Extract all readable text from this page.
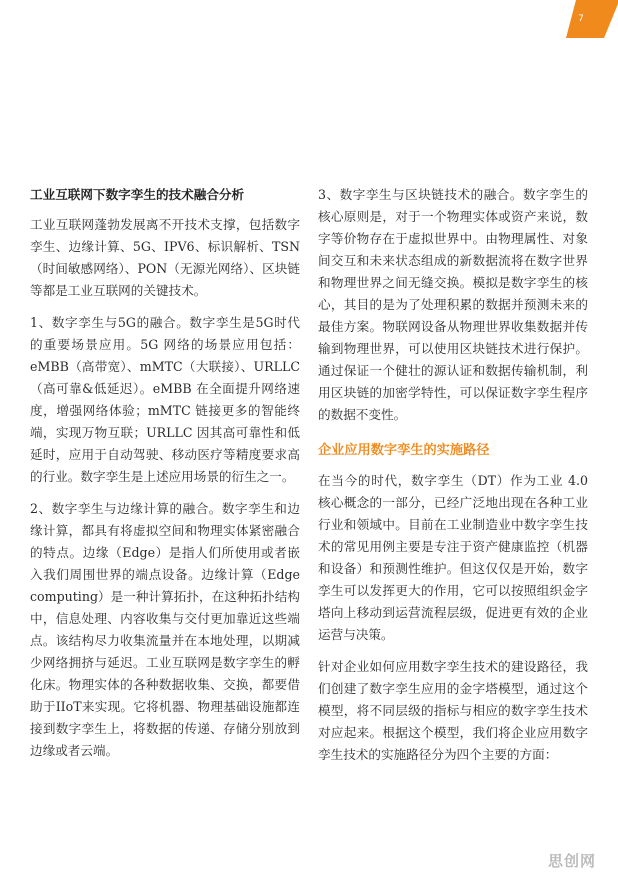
7
工业互联网下数字孪生的技术融合分析

工业互联网蓬勃发展离不开技术支撑，包括数字孪生、边缘计算、5G、IPV6、标识解析、TSN（时间敏感网络）、PON（无源光网络）、区块链等都是工业互联网的关键技术。

1、数字孪生与5G的融合。数字孪生是5G时代的重要场景应用。5G 网络的场景应用包括：eMBB（高带宽）、mMTC（大联接）、URLLC（高可靠&低延迟）。eMBB 在全面提升网络速度，增强网络体验；mMTC 链接更多的智能终端，实现万物互联；URLLC 因其高可靠性和低延时，应用于自动驾驶、移动医疗等精度要求高的行业。数字孪生是上述应用场景的衍生之一。

2、数字孪生与边缘计算的融合。数字孪生和边缘计算，都具有将虚拟空间和物理实体紧密融合的特点。边缘（Edge）是指人们所使用或者嵌入我们周围世界的端点设备。边缘计算（Edge computing）是一种计算拓扑，在这种拓扑结构中，信息处理、内容收集与交付更加靠近这些端点。该结构尽力收集流量并在本地处理，以期减少网络拥挤与延迟。工业互联网是数字孪生的孵化床。物理实体的各种数据收集、交换，都要借助于IIoT来实现。它将机器、物理基础设施都连接到数字孪生上，将数据的传递、存储分别放到边缘或者云端。

3、数字孪生与区块链技术的融合。数字孪生的核心原则是，对于一个物理实体或资产来说，数字等价物存在于虚拟世界中。由物理属性、对象间交互和未来状态组成的新数据流将在数字世界和物理世界之间无缝交换。模拟是数字孪生的核心，其目的是为了处理积累的数据并预测未来的最佳方案。物联网设备从物理世界收集数据并传输到物理世界，可以使用区块链技术进行保护。通过保证一个健壮的源认证和数据传输机制，利用区块链的加密学特性，可以保证数字孪生程序的数据不变性。

企业应用数字孪生的实施路径

在当今的时代，数字孪生（DT）作为工业 4.0 核心概念的一部分，已经广泛地出现在各种工业行业和领域中。目前在工业制造业中数字孪生技术的常见用例主要是专注于资产健康监控（机器和设备）和预测性维护。但这仅仅是开始，数字孪生可以发挥更大的作用，它可以按照组织金字塔向上移动到运营流程层级，促进更有效的企业运营与决策。

针对企业如何应用数字孪生技术的建设路径，我们创建了数字孪生应用的金字塔模型，通过这个模型，将不同层级的指标与相应的数字孪生技术对应起来。根据这个模型，我们将企业应用数字孪生技术的实施路径分为四个主要的方面：

思创网
